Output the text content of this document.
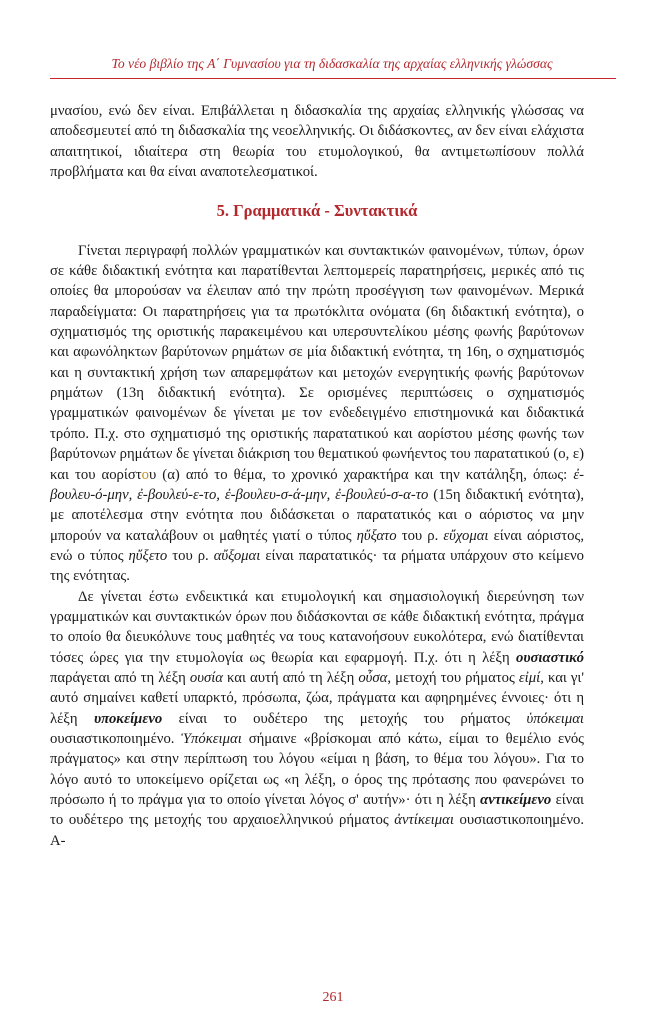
Το νέο βιβλίο της Α΄ Γυμνασίου για τη διδασκαλία της αρχαίας ελληνικής γλώσσας

μνασίου, ενώ δεν είναι. Επιβάλλεται η διδασκαλία της αρχαίας ελληνικής γλώσσας να αποδεσμευτεί από τη διδασκαλία της νεοελληνικής. Οι διδάσκοντες, αν δεν είναι ελάχιστα απαιτητικοί, ιδιαίτερα στη θεωρία του ετυμολογικού, θα αντιμετωπίσουν πολλά προβλήματα και θα είναι αναποτελεσματικοί.

5. Γραμματικά - Συντακτικά

Γίνεται περιγραφή πολλών γραμματικών και συντακτικών φαινομένων, τύπων, όρων σε κάθε διδακτική ενότητα και παρατίθενται λεπτομερείς παρατηρήσεις, μερικές από τις οποίες θα μπορούσαν να έλειπαν από την πρώτη προσέγγιση των φαινομένων. Μερικά παραδείγματα: Οι παρατηρήσεις για τα πρωτόκλιτα ονόματα (6η διδακτική ενότητα), ο σχηματισμός της οριστικής παρακειμένου και υπερσυντελίκου μέσης φωνής βαρύτονων και αφωνόληκτων βαρύτονων ρημάτων σε μία διδακτική ενότητα, τη 16η, ο σχηματισμός και η συντακτική χρήση των απαρεμφάτων και μετοχών ενεργητικής φωνής βαρύτονων ρημάτων (13η διδακτική ενότητα). Σε ορισμένες περιπτώσεις ο σχηματισμός γραμματικών φαινομένων δε γίνεται με τον ενδεδειγμένο επιστημονικά και διδακτικά τρόπο. Π.χ. στο σχηματισμό της οριστικής παρατατικού και αορίστου μέσης φωνής των βαρύτονων ρημάτων δε γίνεται διάκριση του θεματικού φωνήεντος του παρατατικού (ο, ε) και του αορίστου (α) από το θέμα, το χρονικό χαρακτήρα και την κατάληξη, όπως: ἐ-βουλευ-ό-μην, ἐ-βουλεύ-ε-το, ἐ-βουλευ-σ-ά-μην, ἐ-βουλεύ-σ-α-το (15η διδακτική ενότητα), με αποτέλεσμα στην ενότητα που διδάσκεται ο παρατατικός και ο αόριστος να μην μπορούν να καταλάβουν οι μαθητές γιατί ο τύπος ηὔξατο του ρ. εὔχομαι είναι αόριστος, ενώ ο τύπος ηὔξετο του ρ. αὔξομαι είναι παρατατικός· τα ρήματα υπάρχουν στο κείμενο της ενότητας.

Δε γίνεται έστω ενδεικτικά και ετυμολογική και σημασιολογική διερεύνηση των γραμματικών και συντακτικών όρων που διδάσκονται σε κάθε διδακτική ενότητα, πράγμα το οποίο θα διευκόλυνε τους μαθητές να τους κατανοήσουν ευκολότερα, ενώ διατίθενται τόσες ώρες για την ετυμολογία ως θεωρία και εφαρμογή. Π.χ. ότι η λέξη ουσιαστικό παράγεται από τη λέξη ουσία και αυτή από τη λέξη οὖσα, μετοχή του ρήματος εἰμί, και γι' αυτό σημαίνει καθετί υπαρκτό, πρόσωπα, ζώα, πράγματα και αφηρημένες έννοιες· ότι η λέξη υποκείμενο είναι το ουδέτερο της μετοχής του ρήματος ὑπόκειμαι ουσιαστικοποιημένο. Ὑπόκειμαι σήμαινε «βρίσκομαι από κάτω, είμαι το θεμέλιο ενός πράγματος» και στην περίπτωση του λόγου «είμαι η βάση, το θέμα του λόγου». Για το λόγο αυτό το υποκείμενο ορίζεται ως «η λέξη, ο όρος της πρότασης που φανερώνει το πρόσωπο ή το πράγμα για το οποίο γίνεται λόγος σ' αυτήν»· ότι η λέξη αντικείμενο είναι το ουδέτερο της μετοχής του αρχαιοελληνικού ρήματος ἀντίκειμαι ουσιαστικοποιημένο. Α-

261
